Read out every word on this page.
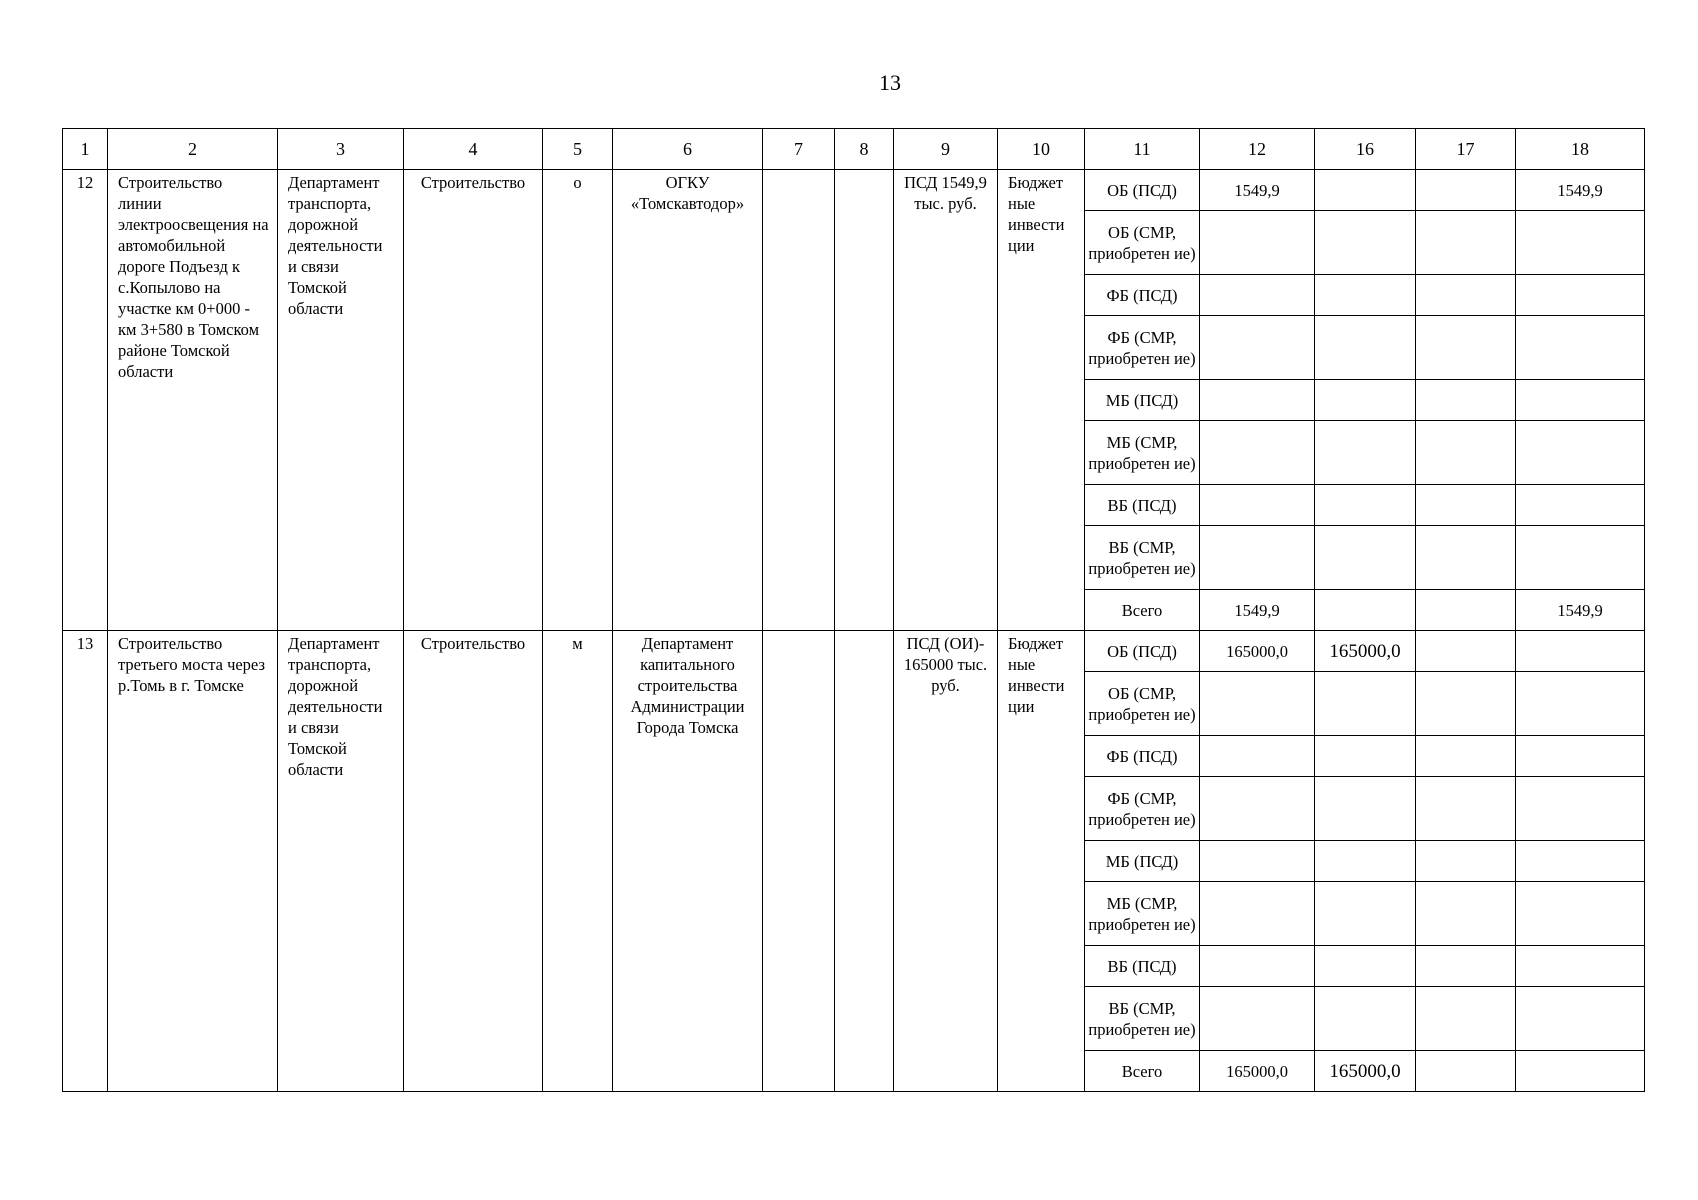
13
1	2	3	4	5	6	7	8	9	10	11	12	16	17	18
12	Строительство линии электроосвещения на автомобильной дороге Подъезд к с.Копылово на участке км 0+000 - км 3+580 в Томском районе Томской области	Департамент транспорта, дорожной деятельности и связи Томской области	Строительство	о	ОГКУ «Томскавтодор»			ПСД 1549,9 тыс. руб.	Бюджет ные инвести ции	ОБ (ПСД)	1549,9			1549,9
										ОБ (СМР, приобретен ие)				
										ФБ (ПСД)				
										ФБ (СМР, приобретен ие)				
										МБ (ПСД)				
										МБ (СМР, приобретен ие)				
										ВБ (ПСД)				
										ВБ (СМР, приобретен ие)				
										Всего	1549,9			1549,9
13	Строительство третьего моста через р.Томь в г. Томске	Департамент транспорта, дорожной деятельности и связи Томской области	Строительство	м	Департамент капитального строительства Администрации Города Томска			ПСД (ОИ)- 165000 тыс. руб.	Бюджет ные инвести ции	ОБ (ПСД)	165000,0	165000,0		
										ОБ (СМР, приобретен ие)				
										ФБ (ПСД)				
										ФБ (СМР, приобретен ие)				
										МБ (ПСД)				
										МБ (СМР, приобретен ие)				
										ВБ (ПСД)				
										ВБ (СМР, приобретен ие)				
										Всего	165000,0	165000,0		
